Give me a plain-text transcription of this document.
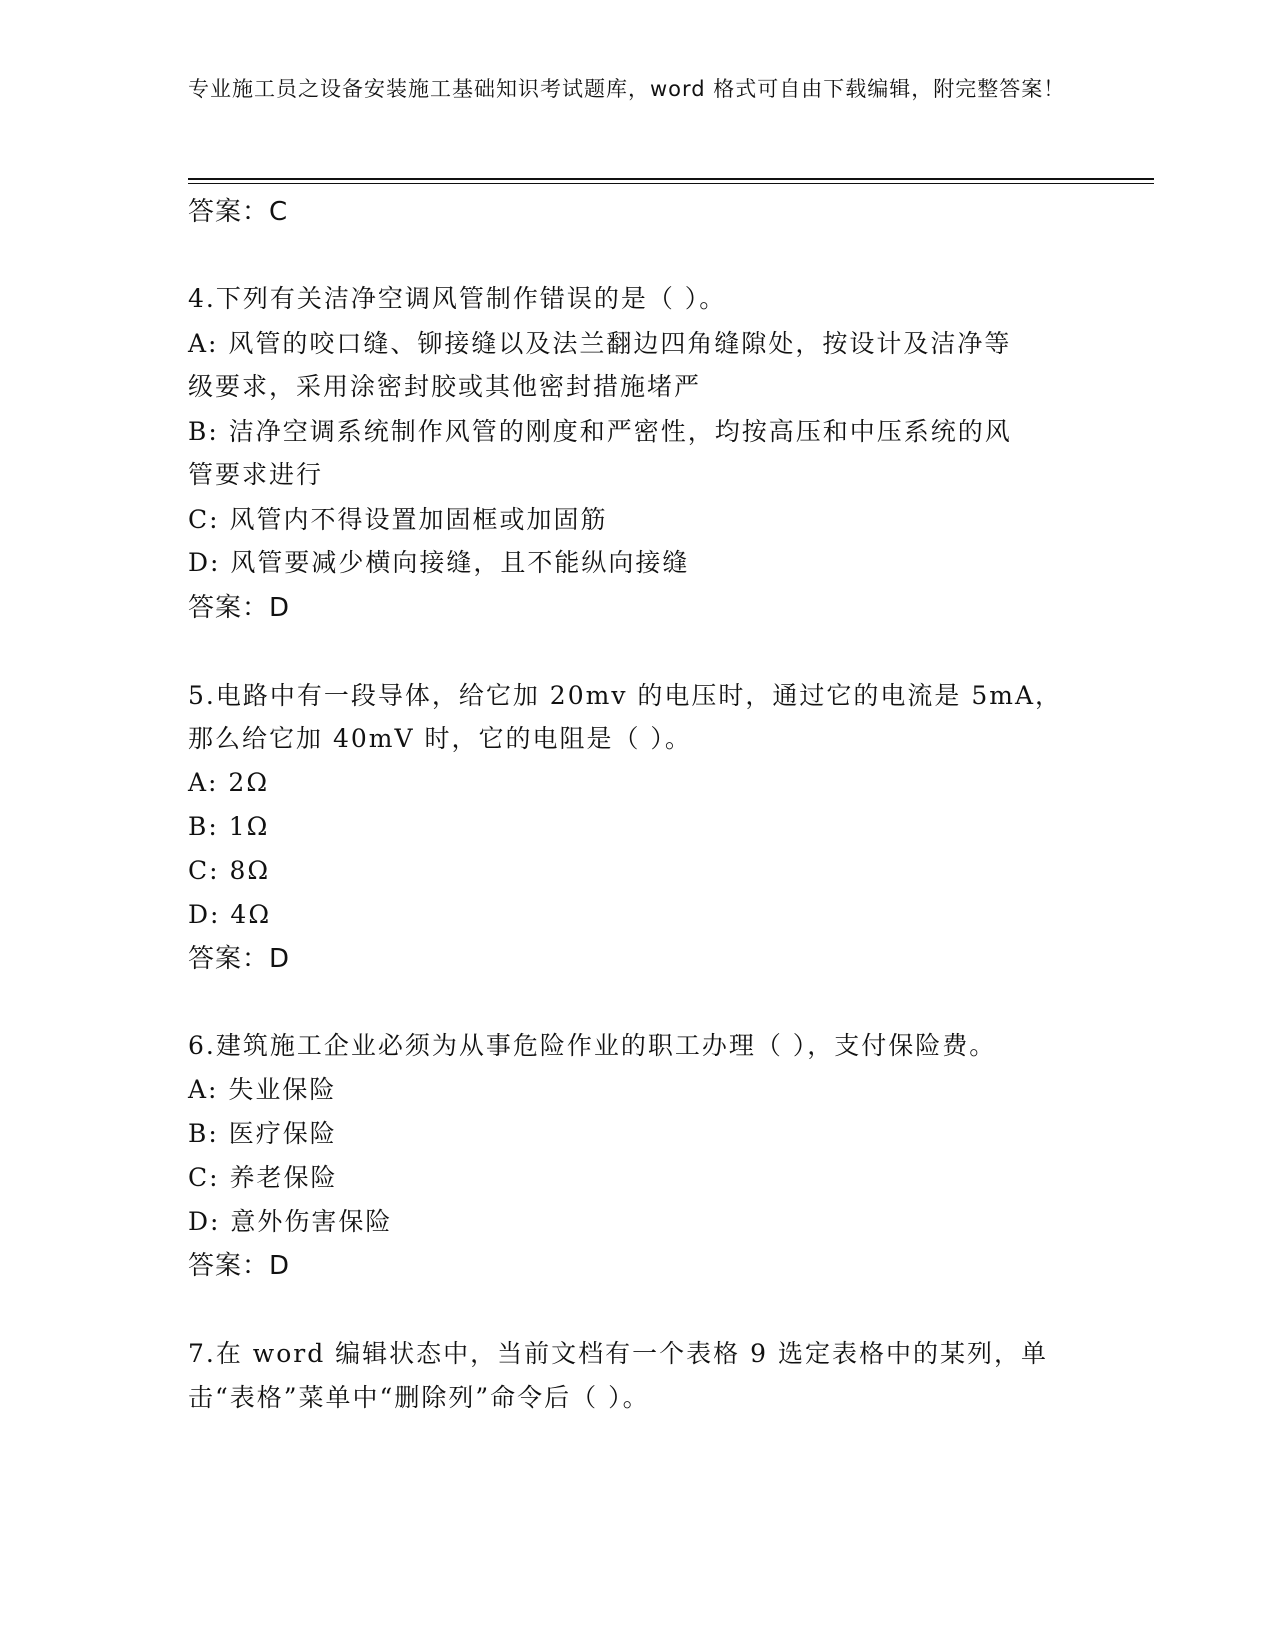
专业施工员之设备安装施工基础知识考试题库，word 格式可自由下载编辑，附完整答案！
答案：C
4.下列有关洁净空调风管制作错误的是（ ）。
A: 风管的咬口缝、铆接缝以及法兰翻边四角缝隙处，按设计及洁净等
级要求，采用涂密封胶或其他密封措施堵严
B: 洁净空调系统制作风管的刚度和严密性，均按高压和中压系统的风
管要求进行
C: 风管内不得设置加固框或加固筋
D: 风管要减少横向接缝，且不能纵向接缝
答案：D
5.电路中有一段导体，给它加 20mv 的电压时，通过它的电流是 5mA，
那么给它加 40mV 时，它的电阻是（ ）。
A: 2Ω
B: 1Ω
C: 8Ω
D: 4Ω
答案：D
6.建筑施工企业必须为从事危险作业的职工办理（ ），支付保险费。
A: 失业保险
B: 医疗保险
C: 养老保险
D: 意外伤害保险
答案：D
7.在 word 编辑状态中，当前文档有一个表格 9 选定表格中的某列，单
击“表格”菜单中“删除列”命令后（ ）。
